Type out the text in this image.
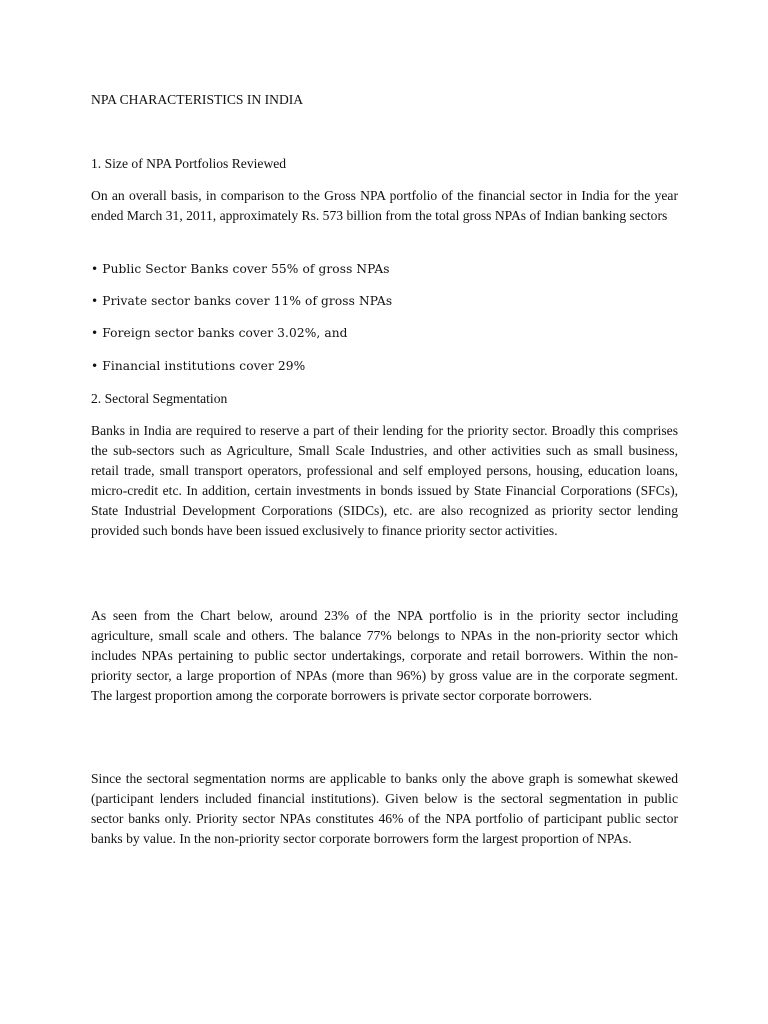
NPA CHARACTERISTICS IN INDIA

1. Size of NPA Portfolios Reviewed

On an overall basis, in comparison to the Gross NPA portfolio of the financial sector in India for the year ended March 31, 2011, approximately Rs. 573 billion from the total gross NPAs of Indian banking sectors

• Public Sector Banks cover 55% of gross NPAs

• Private sector banks cover 11% of gross NPAs

• Foreign sector banks cover 3.02%, and

• Financial institutions cover 29%

2. Sectoral Segmentation

Banks in India are required to reserve a part of their lending for the priority sector. Broadly this comprises the sub-sectors such as Agriculture, Small Scale Industries, and other activities such as small business, retail trade, small transport operators, professional and self employed persons, housing, education loans, micro-credit etc. In addition, certain investments in bonds issued by State Financial Corporations (SFCs), State Industrial Development Corporations (SIDCs), etc. are also recognized as priority sector lending provided such bonds have been issued exclusively to finance priority sector activities.

As seen from the Chart below, around 23% of the NPA portfolio is in the priority sector including agriculture, small scale and others. The balance 77% belongs to NPAs in the non-priority sector which includes NPAs pertaining to public sector undertakings, corporate and retail borrowers. Within the non-priority sector, a large proportion of NPAs (more than 96%) by gross value are in the corporate segment. The largest proportion among the corporate borrowers is private sector corporate borrowers.

Since the sectoral segmentation norms are applicable to banks only the above graph is somewhat skewed (participant lenders included financial institutions). Given below is the sectoral segmentation in public sector banks only. Priority sector NPAs constitutes 46% of the NPA portfolio of participant public sector banks by value. In the non-priority sector corporate borrowers form the largest proportion of NPAs.
